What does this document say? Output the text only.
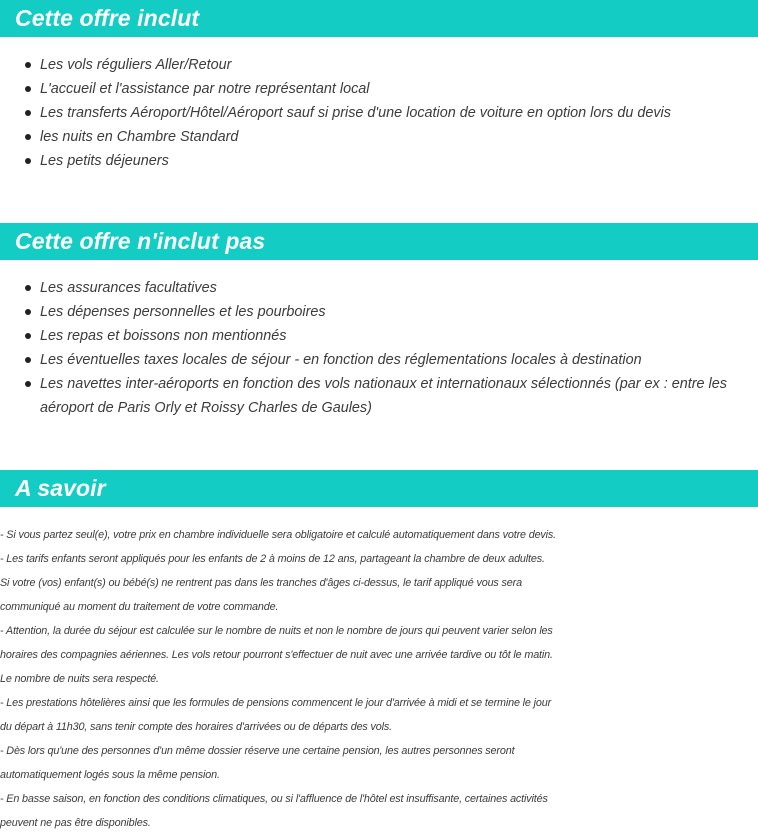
Cette offre inclut
Les vols réguliers Aller/Retour
L'accueil et l'assistance par notre représentant local
Les transferts Aéroport/Hôtel/Aéroport sauf si prise d'une location de voiture en option lors du devis
les nuits en Chambre Standard
Les petits déjeuners
Cette offre n'inclut pas
Les assurances facultatives
Les dépenses personnelles et les pourboires
Les repas et boissons non mentionnés
Les éventuelles taxes locales de séjour - en fonction des réglementations locales à destination
Les navettes inter-aéroports en fonction des vols nationaux et internationaux sélectionnés (par ex : entre les
aéroport de Paris Orly et Roissy Charles de Gaules)
A savoir
- Si vous partez seul(e), votre prix en chambre individuelle sera obligatoire et calculé automatiquement dans votre devis.
- Les tarifs enfants seront appliqués pour les enfants de 2 à moins de 12 ans, partageant la chambre de deux adultes.
Si votre (vos) enfant(s) ou bébé(s) ne rentrent pas dans les tranches d'âges ci-dessus, le tarif appliqué vous sera
communiqué au moment du traitement de votre commande.
- Attention, la durée du séjour est calculée sur le nombre de nuits et non le nombre de jours qui peuvent varier selon les
horaires des compagnies aériennes. Les vols retour pourront s'effectuer de nuit avec une arrivée tardive ou tôt le matin.
Le nombre de nuits sera respecté.
- Les prestations hôtelières ainsi que les formules de pensions commencent le jour d'arrivée à midi et se termine le jour
du départ à 11h30, sans tenir compte des horaires d'arrivées ou de départs des vols.
- Dès lors qu'une des personnes d'un même dossier réserve une certaine pension, les autres personnes seront
automatiquement logés sous la même pension.
- En basse saison, en fonction des conditions climatiques, ou si l'affluence de l'hôtel est insuffisante, certaines activités
peuvent ne pas être disponibles.
